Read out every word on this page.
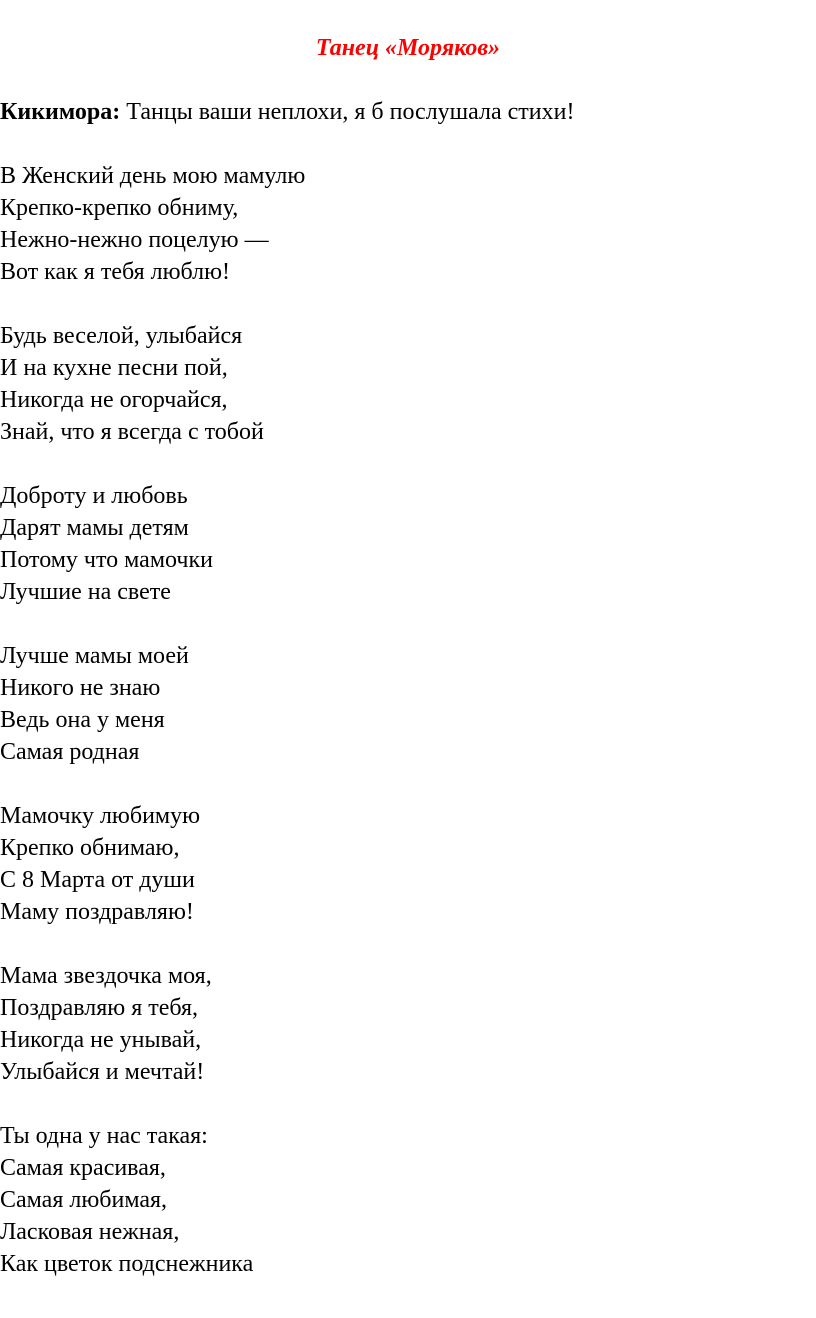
Танец «Моряков»
Кикимора: Танцы ваши неплохи, я б послушала стихи!
В Женский день мою мамулю
Крепко-крепко обниму,
Нежно-нежно поцелую —
Вот как я тебя люблю!
Будь веселой, улыбайся
И на кухне песни пой,
Никогда не огорчайся,
Знай, что я всегда с тобой
Доброту и любовь
Дарят мамы детям
Потому что мамочки
Лучшие на свете
Лучше мамы моей
Никого не знаю
Ведь она у меня
Самая родная
Мамочку любимую
Крепко обнимаю,
С 8 Марта от души
Маму поздравляю!
Мама звездочка моя,
Поздравляю я тебя,
Никогда не унывай,
Улыбайся и мечтай!
Ты одна у нас такая:
Самая красивая,
Самая любимая,
Ласковая нежная,
Как цветок подснежника
